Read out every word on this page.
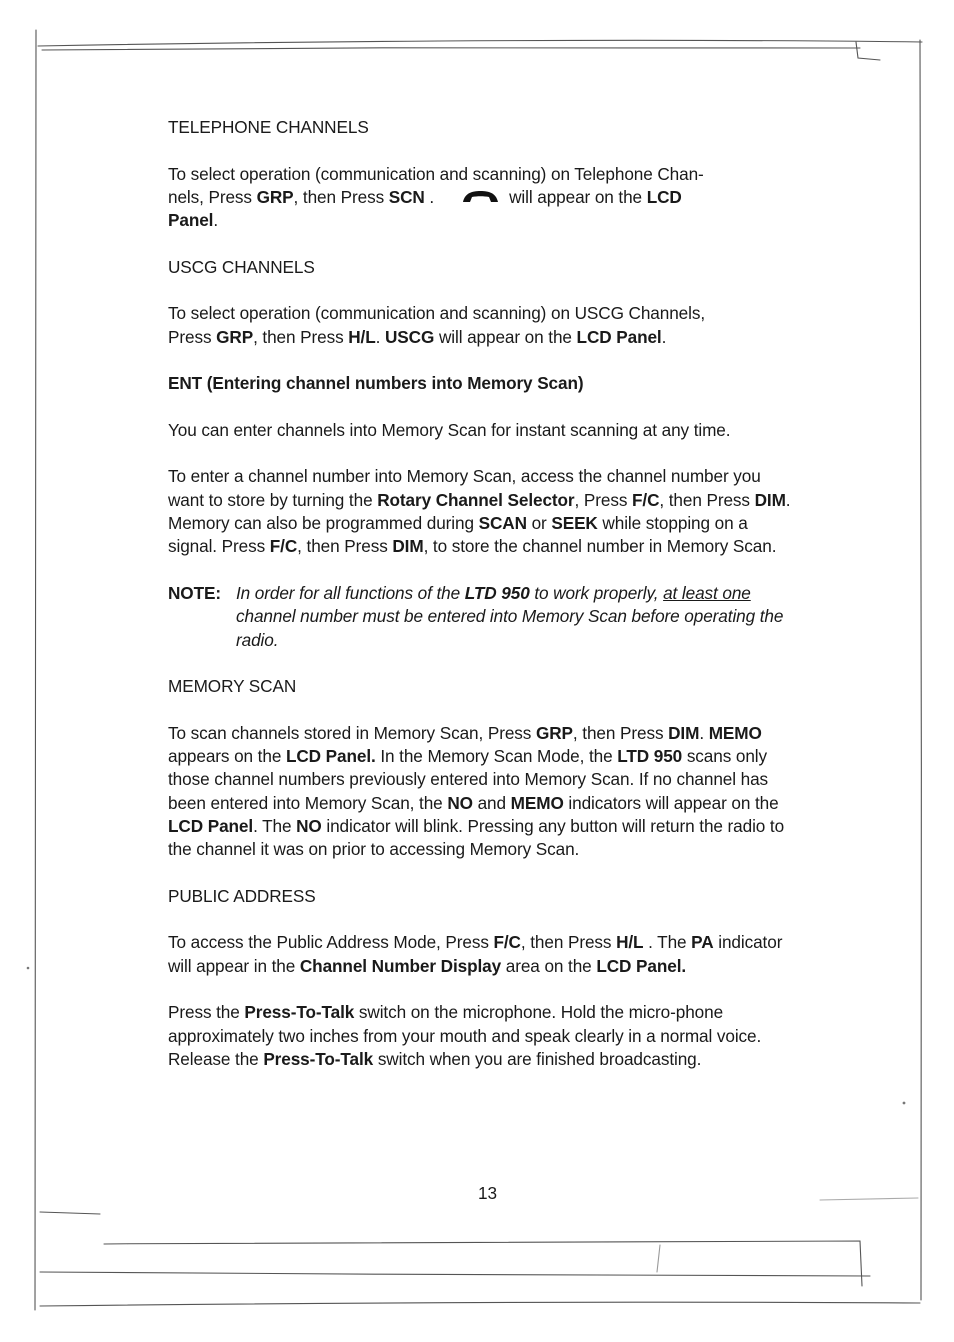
TELEPHONE CHANNELS

To select operation (communication and scanning) on Telephone Chan-
nels, Press GRP, then Press SCN .	will appear on the LCD
Panel.

USCG CHANNELS

To select operation (communication and scanning) on USCG Channels,
Press GRP, then Press H/L. USCG will appear on the LCD Panel.

ENT (Entering channel numbers into Memory Scan)

You can enter channels into Memory Scan for instant scanning at any time.

To enter a channel number into Memory Scan, access the channel number you want to store by turning the Rotary Channel Selector, Press F/C, then Press DIM. Memory can also be programmed during SCAN or SEEK while stopping on a signal. Press F/C, then Press DIM, to store the channel number in Memory Scan.

NOTE: In order for all functions of the LTD 950 to work properly, at least one channel number must be entered into Memory Scan before operating the radio.
MEMORY SCAN

To scan channels stored in Memory Scan, Press GRP, then Press DIM. MEMO appears on the LCD Panel. In the Memory Scan Mode, the LTD 950 scans only those channel numbers previously entered into Memory Scan. If no channel has been entered into Memory Scan, the NO and MEMO indicators will appear on the LCD Panel. The NO indicator will blink. Pressing any button will return the radio to the channel it was on prior to accessing Memory Scan.

PUBLIC ADDRESS

To access the Public Address Mode, Press F/C, then Press H/L . The PA indicator will appear in the Channel Number Display area on the LCD Panel.

Press the Press-To-Talk switch on the microphone. Hold the micro-phone approximately two inches from your mouth and speak clearly in a normal voice. Release the Press-To-Talk switch when you are finished broadcasting.

13
